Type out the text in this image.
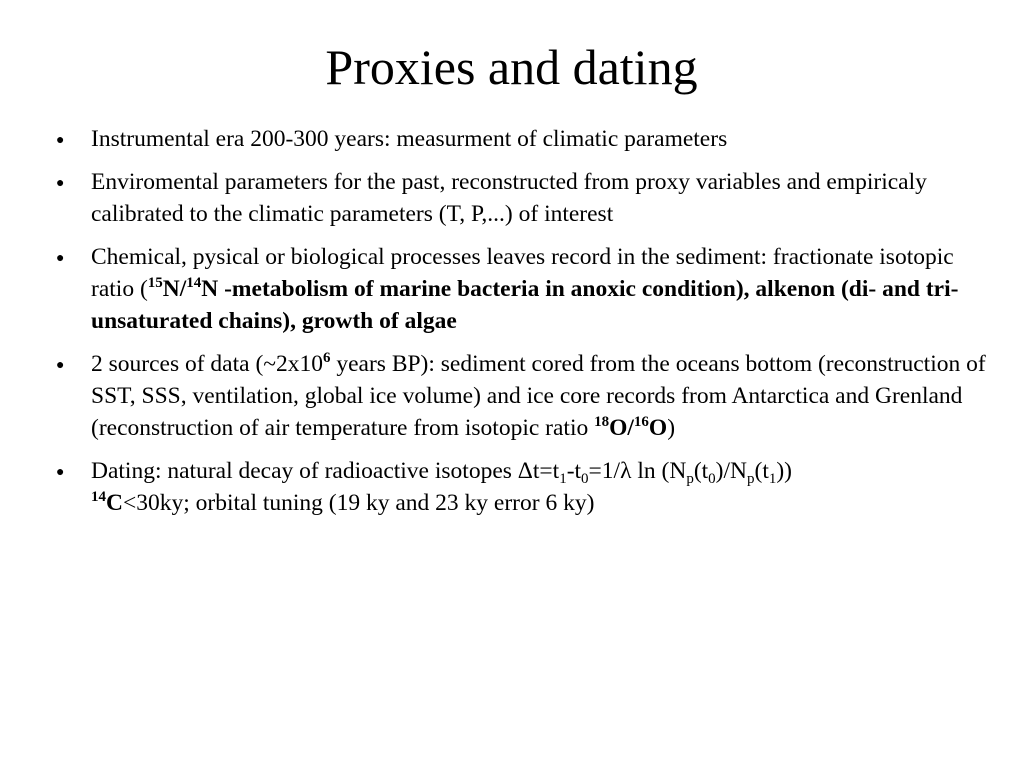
Proxies and dating
● Instrumental era 200-300 years: measurment of climatic parameters
● Enviromental parameters for the past, reconstructed from proxy variables and empiricaly calibrated to the climatic parameters (T, P,...) of interest
● Chemical, pysical or biological processes leaves record in the sediment: fractionate isotopic ratio ($^{15}$N/$^{14}$N -metabolism of marine bacteria in anoxic condition), alkenon (di- and tri- unsaturated chains), growth of algae
● 2 sources of data ($\sim 2x10^6$ years BP): sediment cored from the oceans bottom (reconstruction of SST, SSS, ventilation, global ice volume) and ice core records from Antarctica and Grenland (reconstruction of air temperature from isotopic ratio $^{18}$O/$^{16}$O)
● Dating: natural decay of radioactive isotopes $\Delta t=t_1-t_0=1/\lambda$ $\ln (N_p(t_0)/N_p(t_1))$
$^{14}$C<30ky; orbital tuning (19 ky and 23 ky error 6 ky)
